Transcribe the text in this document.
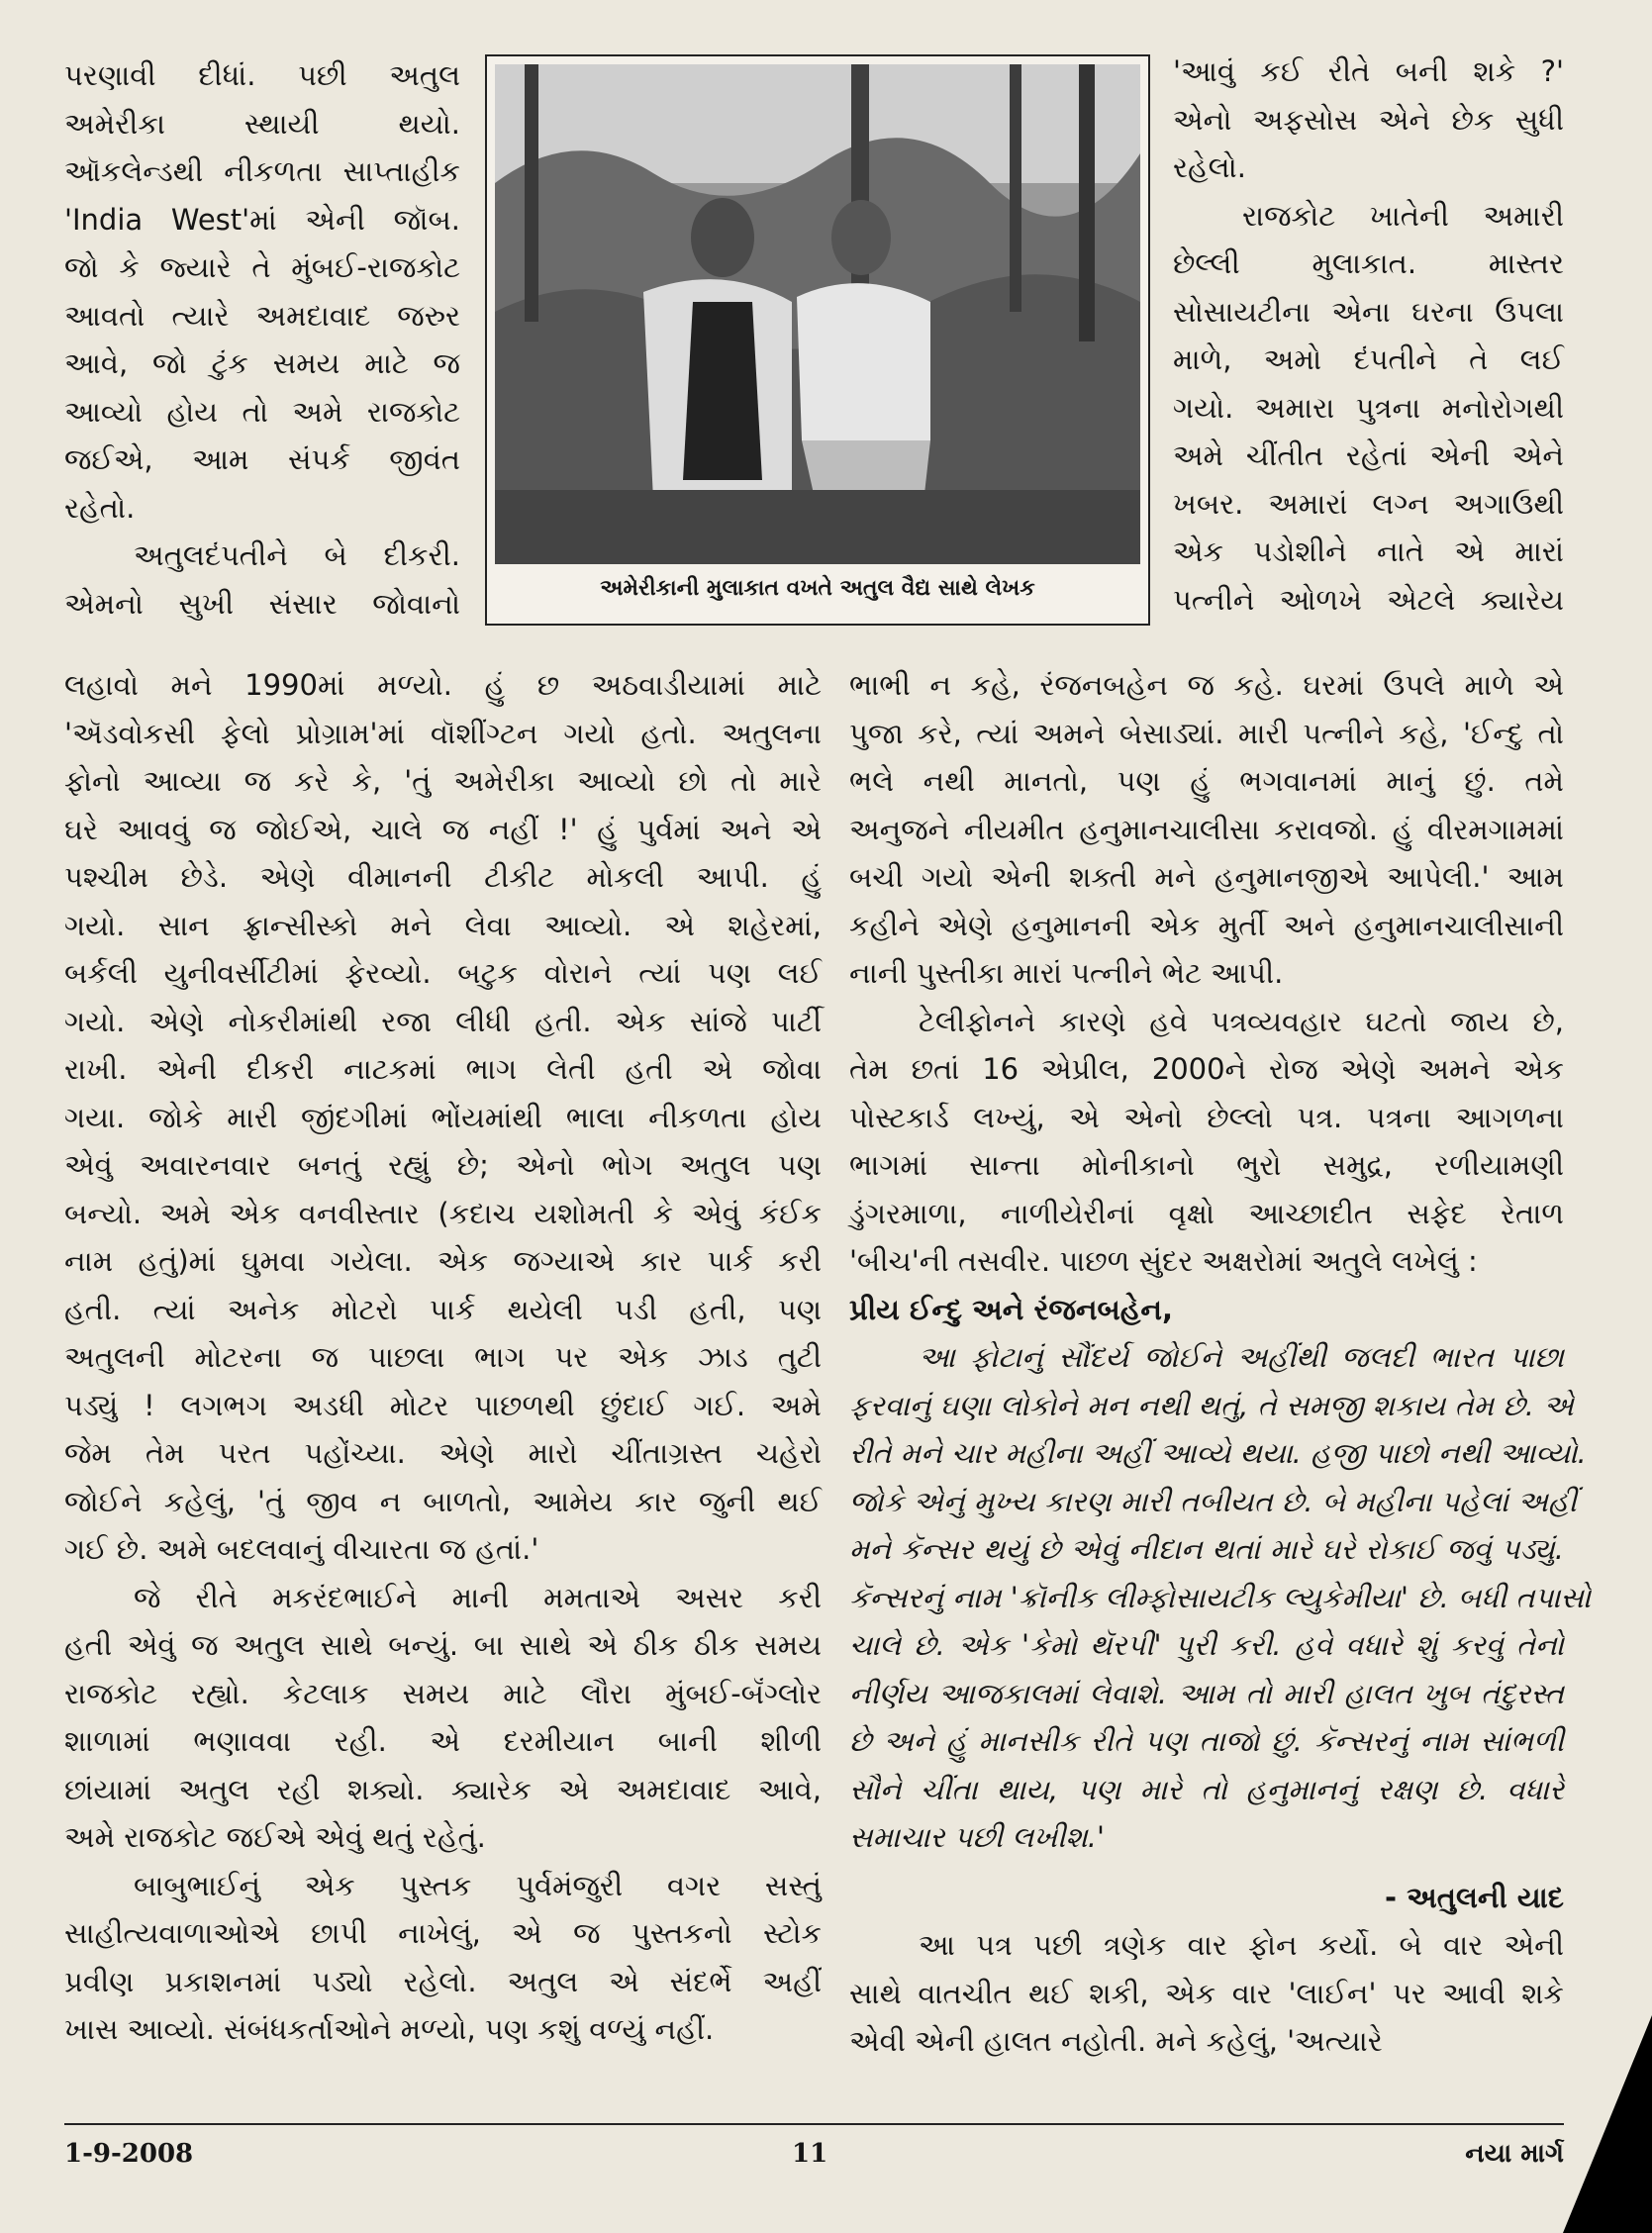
પરણાવી દીધાં. પછી અતુલ

અમેરીકા સ્થાયી થયો.

ઑકલેન્ડથી નીકળતા સાપ્તાહીક

'India West'માં એની જૉબ.

જો કે જ્યારે તે મુંબઈ-રાજકોટ

આવતો ત્યારે અમદાવાદ જરુર

આવે, જો ટુંક સમય માટે જ

આવ્યો હોય તો અમે રાજકોટ

જઈએ, આમ સંપર્ક જીવંત

રહેતો.

અતુલદંપતીને બે દીકરી.

એમનો સુખી સંસાર જોવાનો	અમેરીકાની મુલાકાત વખતે અતુલ વૈદ્ય સાથે લેખક

'આવું કઈ રીતે બની શકે ?'

એનો અફસોસ એને છેક સુધી

રહેલો.

રાજકોટ ખાતેની અમારી

છેલ્લી મુલાકાત. માસ્તર

સોસાયટીના એના ઘરના ઉપલા

માળે, અમો દંપતીને તે લઈ

ગયો. અમારા પુત્રના મનોરોગથી

અમે ચીંતીત રહેતાં એની એને

ખબર. અમારાં લગ્ન અગાઉથી

એક પડોશીને નાતે એ મારાં

પત્નીને ઓળખે એટલે ક્યારેય

લહાવો મને 1990માં મળ્યો. હું છ અઠવાડીયામાં માટે

'ઍડવોકસી ફેલો પ્રોગ્રામ'માં વૉશીંગ્ટન ગયો હતો. અતુલના

ફોનો આવ્યા જ કરે કે, 'તું અમેરીકા આવ્યો છો તો મારે

ઘરે આવવું જ જોઈએ, ચાલે જ નહીં !' હું પુર્વમાં અને એ

પશ્ચીમ છેડે. એણે વીમાનની ટીકીટ મોકલી આપી. હું

ગયો. સાન ફ્રાન્સીસ્કો મને લેવા આવ્યો. એ શહેરમાં,

બર્કલી યુનીવર્સીટીમાં ફેરવ્યો. બટુક વોરાને ત્યાં પણ લઈ

ગયો. એણે નોકરીમાંથી રજા લીધી હતી. એક સાંજે પાર્ટી

રાખી. એની દીકરી નાટકમાં ભાગ લેતી હતી એ જોવા

ગયા. જોકે મારી જીંદગીમાં ભોંયમાંથી ભાલા નીકળતા હોય

એવું અવારનવાર બનતું રહ્યું છે; એનો ભોગ અતુલ પણ

બન્યો. અમે એક વનવીસ્તાર (કદાચ યશોમતી કે એવું કંઈક

નામ હતું)માં ઘુમવા ગયેલા. એક જગ્યાએ કાર પાર્ક કરી

હતી. ત્યાં અનેક મોટરો પાર્ક થયેલી પડી હતી, પણ

અતુલની મોટરના જ પાછલા ભાગ પર એક ઝાડ તુટી

પડ્યું ! લગભગ અડધી મોટર પાછળથી છુંદાઈ ગઈ. અમે

જેમ તેમ પરત પહોંચ્યા. એણે મારો ચીંતાગ્રસ્ત ચહેરો

જોઈને કહેલું, 'તું જીવ ન બાળતો, આમેય કાર જુની થઈ

ગઈ છે. અમે બદલવાનું વીચારતા જ હતાં.'

જે રીતે મકરંદભાઈને માની મમતાએ અસર કરી

હતી એવું જ અતુલ સાથે બન્યું. બા સાથે એ ઠીક ઠીક સમય

રાજકોટ રહ્યો. કેટલાક સમય માટે લૌરા મુંબઈ-બૅંગ્લોર

શાળામાં ભણાવવા રહી. એ દરમીયાન બાની શીળી

છાંયામાં અતુલ રહી શક્યો. ક્યારેક એ અમદાવાદ આવે,

અમે રાજકોટ જઈએ એવું થતું રહેતું.

બાબુભાઈનું એક પુસ્તક પુર્વમંજુરી વગર સસ્તું

સાહીત્યવાળાઓએ છાપી નાખેલું, એ જ પુસ્તકનો સ્ટોક

પ્રવીણ પ્રકાશનમાં પડ્યો રહેલો. અતુલ એ સંદર્ભે અહીં

ખાસ આવ્યો. સંબંધકર્તાઓને મળ્યો, પણ કશું વળ્યું નહીં.

ભાભી ન કહે, રંજનબહેન જ કહે. ઘરમાં ઉપલે માળે એ

પુજા કરે, ત્યાં અમને બેસાડ્યાં. મારી પત્નીને કહે, 'ઈન્દુ તો

ભલે નથી માનતો, પણ હું ભગવાનમાં માનું છું. તમે

અનુજને નીયમીત હનુમાનચાલીસા કરાવજો. હું વીરમગામમાં

બચી ગયો એની શક્તી મને હનુમાનજીએ આપેલી.' આમ

કહીને એણે હનુમાનની એક મુર્તી અને હનુમાનચાલીસાની

નાની પુસ્તીકા મારાં પત્નીને ભેટ આપી.

ટેલીફોનને કારણે હવે પત્રવ્યવહાર ઘટતો જાય છે,

તેમ છતાં 16 એપ્રીલ, 2000ને રોજ એણે અમને એક

પોસ્ટકાર્ડ લખ્યું, એ એનો છેલ્લો પત્ર. પત્રના આગળના

ભાગમાં સાન્તા મોનીકાનો ભુરો સમુદ્ર, રળીયામણી

ડુંગરમાળા, નાળીયેરીનાં વૃક્ષો આચ્છાદીત સફેદ રેતાળ

'બીચ'ની તસવીર. પાછળ સુંદર અક્ષરોમાં અતુલે લખેલું :

પ્રીય ઈન્દુ અને રંજનબહેન,

આ ફોટાનું સૌંદર્ય જોઈને અહીંથી જલદી ભારત પાછા

ફરવાનું ઘણા લોકોને મન નથી થતું, તે સમજી શકાય તેમ છે. એ

રીતે મને ચાર મહીના અહીં આવ્યે થયા. હજી પાછો નથી આવ્યો.

જોકે એનું મુખ્ય કારણ મારી તબીયત છે. બે મહીના પહેલાં અહીં

મને કૅન્સર થયું છે એવું નીદાન થતાં મારે ઘરે રોકાઈ જવું પડ્યું.

કૅન્સરનું નામ 'ક્રૉનીક લીમ્ફોસાયટીક લ્યુકેમીયા' છે. બધી તપાસો

ચાલે છે. એક 'કેમો થૅરપી' પુરી કરી. હવે વધારે શું કરવું તેનો

નીર્ણય આજકાલમાં લેવાશે. આમ તો મારી હાલત ખુબ તંદુરસ્ત

છે અને હું માનસીક રીતે પણ તાજો છું. કૅન્સરનું નામ સાંભળી

સૌને ચીંતા થાય, પણ મારે તો હનુમાનનું રક્ષણ છે. વધારે

સમાચાર પછી લખીશ.'

- અતુલની યાદ

આ પત્ર પછી ત્રણેક વાર ફોન કર્યો. બે વાર એની

સાથે વાતચીત થઈ શકી, એક વાર 'લાઈન' પર આવી શકે

એવી એની હાલત નહોતી. મને કહેલું, 'અત્યારે

1-9-2008	11	નયા માર્ગ
